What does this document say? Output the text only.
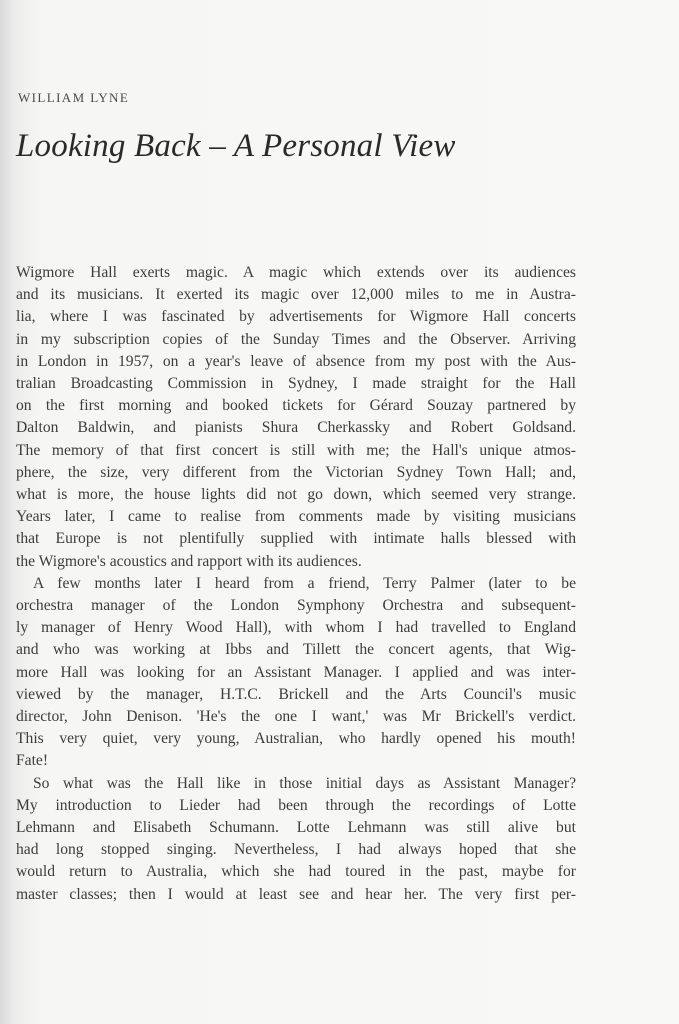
WILLIAM LYNE
Looking Back – A Personal View
Wigmore Hall exerts magic. A magic which extends over its audiences
and its musicians. It exerted its magic over 12,000 miles to me in Austra-
lia, where I was fascinated by advertisements for Wigmore Hall concerts
in my subscription copies of the Sunday Times and the Observer. Arriving
in London in 1957, on a year's leave of absence from my post with the Aus-
tralian Broadcasting Commission in Sydney, I made straight for the Hall
on the first morning and booked tickets for Gérard Souzay partnered by
Dalton Baldwin, and pianists Shura Cherkassky and Robert Goldsand.
The memory of that first concert is still with me; the Hall's unique atmos-
phere, the size, very different from the Victorian Sydney Town Hall; and,
what is more, the house lights did not go down, which seemed very strange.
Years later, I came to realise from comments made by visiting musicians
that Europe is not plentifully supplied with intimate halls blessed with
the Wigmore's acoustics and rapport with its audiences.
A few months later I heard from a friend, Terry Palmer (later to be
orchestra manager of the London Symphony Orchestra and subsequent-
ly manager of Henry Wood Hall), with whom I had travelled to England
and who was working at Ibbs and Tillett the concert agents, that Wig-
more Hall was looking for an Assistant Manager. I applied and was inter-
viewed by the manager, H.T.C. Brickell and the Arts Council's music
director, John Denison. 'He's the one I want,' was Mr Brickell's verdict.
This very quiet, very young, Australian, who hardly opened his mouth!
Fate!
So what was the Hall like in those initial days as Assistant Manager?
My introduction to Lieder had been through the recordings of Lotte
Lehmann and Elisabeth Schumann. Lotte Lehmann was still alive but
had long stopped singing. Nevertheless, I had always hoped that she
would return to Australia, which she had toured in the past, maybe for
master classes; then I would at least see and hear her. The very first per-
